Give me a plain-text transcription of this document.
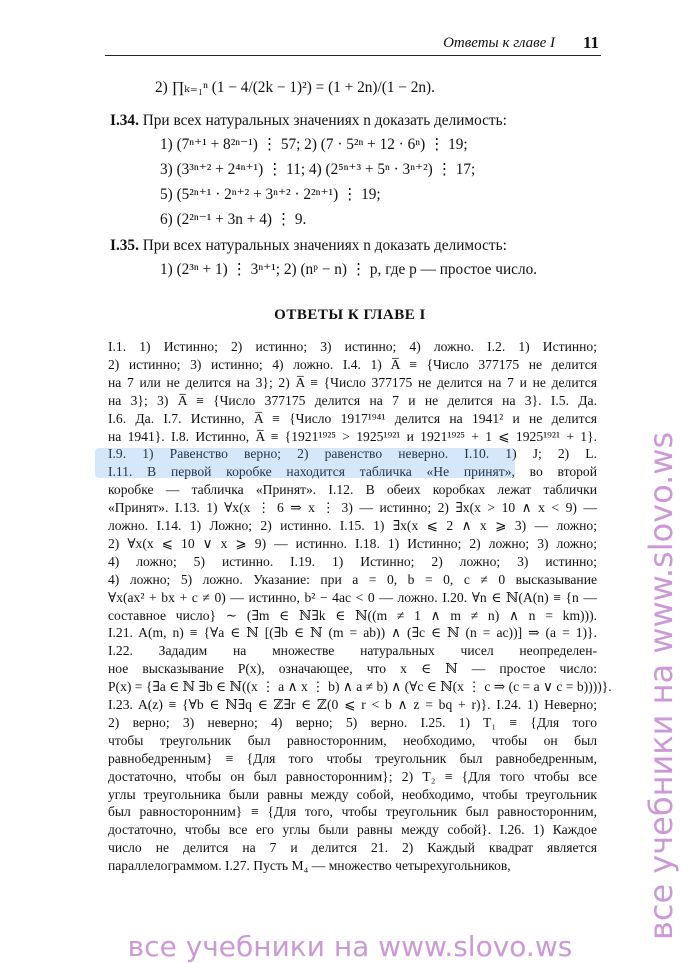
Ответы к главе I 11
2) ∏ₖ₌₁ⁿ (1 − 4/(2k − 1)²) = (1 + 2n)/(1 − 2n).
I.34. При всех натуральных значениях n доказать делимость:
1) (7ⁿ⁺¹ + 8²ⁿ⁻¹) ⋮ 57; 2) (7 · 5²ⁿ + 12 · 6ⁿ) ⋮ 19;
3) (3³ⁿ⁺² + 2⁴ⁿ⁺¹) ⋮ 11; 4) (2⁵ⁿ⁺³ + 5ⁿ · 3ⁿ⁺²) ⋮ 17;
5) (5²ⁿ⁺¹ · 2ⁿ⁺² + 3ⁿ⁺² · 2²ⁿ⁺¹) ⋮ 19;
6) (2²ⁿ⁻¹ + 3n + 4) ⋮ 9.
I.35. При всех натуральных значениях n доказать делимость:
1) (2³ⁿ + 1) ⋮ 3ⁿ⁺¹; 2) (nᵖ − n) ⋮ p, где p — простое число.
ОТВЕТЫ К ГЛАВЕ I
I.1. 1) Истинно; 2) истинно; 3) истинно; 4) ложно. I.2. 1) Истинно;
2) истинно; 3) истинно; 4) ложно. I.4. 1) A̅ ≡ {Число 377175 не делится
на 7 или не делится на 3}; 2) A̅ ≡ {Число 377175 не делится на 7 и не делится
на 3}; 3) A̅ ≡ {Число 377175 делится на 7 и не делится на 3}. I.5. Да.
I.6. Да. I.7. Истинно, A̅ ≡ {Число 1917¹⁹⁴¹ делится на 1941² и не делится
на 1941}. I.8. Истинно, A̅ ≡ {1921¹⁹²⁵ > 1925¹⁹²¹ и 1921¹⁹²⁵ + 1 ⩽ 1925¹⁹²¹ + 1}.
I.9. 1) Равенство верно; 2) равенство неверно. I.10. 1) J; 2) L.
I.11. В первой коробке находится табличка «Не принят», во второй
коробке — табличка «Принят». I.12. В обеих коробках лежат таблички
«Принят». I.13. 1) ∀x(x ⋮ 6 ⇒ x ⋮ 3) — истинно; 2) ∃x(x > 10 ∧ x < 9) —
ложно. I.14. 1) Ложно; 2) истинно. I.15. 1) ∃x(x ⩽ 2 ∧ x ⩾ 3) — ложно;
2) ∀x(x ⩽ 10 ∨ x ⩾ 9) — истинно. I.18. 1) Истинно; 2) ложно; 3) ложно;
4) ложно; 5) истинно. I.19. 1) Истинно; 2) ложно; 3) истинно;
4) ложно; 5) ложно. Указание: при a = 0, b = 0, c ≠ 0 высказывание
∀x(ax² + bx + c ≠ 0) — истинно, b² − 4ac < 0 — ложно. I.20. ∀n ∈ ℕ(A(n) ≡ {n —
составное число} ∼ (∃m ∈ ℕ∃k ∈ ℕ((m ≠ 1 ∧ m ≠ n) ∧ n = km))).
I.21. A(m, n) ≡ {∀a ∈ ℕ [(∃b ∈ ℕ (m = ab)) ∧ (∃c ∈ ℕ (n = ac))] ⇒ (a = 1)}.
I.22. Зададим на множестве натуральных чисел неопределен-
ное высказывание P(x), означающее, что x ∈ ℕ — простое число:
P(x) = {∃a ∈ ℕ ∃b ∈ ℕ((x ⋮ a ∧ x ⋮ b) ∧ a ≠ b) ∧ (∀c ∈ ℕ(x ⋮ c ⇒ (c = a ∨ c = b))))}.
I.23. A(z) ≡ {∀b ∈ ℕ∃q ∈ ℤ∃r ∈ ℤ(0 ⩽ r < b ∧ z = bq + r)}. I.24. 1) Неверно;
2) верно; 3) неверно; 4) верно; 5) верно. I.25. 1) T₁ ≡ {Для того
чтобы треугольник был равносторонним, необходимо, чтобы он был
равнобедренным} ≡ {Для того чтобы треугольник был равнобедренным,
достаточно, чтобы он был равносторонним}; 2) T₂ ≡ {Для того чтобы все
углы треугольника были равны между собой, необходимо, чтобы треугольник
был равносторонним} ≡ {Для того, чтобы треугольник был равносторонним,
достаточно, чтобы все его углы были равны между собой}. I.26. 1) Каждое
число не делится на 7 и делится 21. 2) Каждый квадрат является
параллелограммом. I.27. Пусть M₄ — множество четырехугольников,	все учебники на www.slovo.ws
все учебники на www.slovo.ws
